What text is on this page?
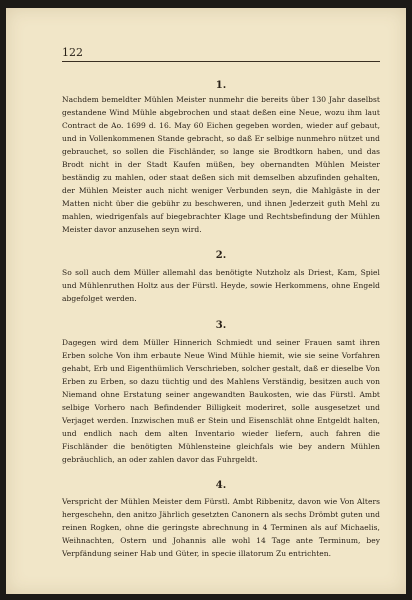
122
1.
Nachdem bemeldter Mühlen Meister nunmehr die bereits über 130 Jahr daselbst gestandene Wind Mühle abgebrochen und staat deßen eine Neue, wozu ihm laut Contract de Ao. 1699 d. 16. May 60 Eichen gegeben worden, wieder auf gebaut, und in Vollenkommenen Stande gebracht, so daß Er selbige nunmehro nützet und gebrauchet, so sollen die Fischländer, so lange sie Brodtkorn haben, und das Brodt nicht in der Stadt Kaufen müßen, bey obernandten Mühlen Meister beständig zu mahlen, oder staat deßen sich mit demselben abzufinden gehalten, der Mühlen Meister auch nicht weniger Verbunden seyn, die Mahlgäste in der Matten nicht über die gebühr zu beschweren, und ihnen Jederzeit guth Mehl zu mahlen, wiedrigenfals auf biegebrachter Klage und Rechtsbefindung der Mühlen Meister davor anzusehen seyn wird.
2.
So soll auch dem Müller allemahl das benötigte Nutzholz als Driest, Kam, Spiel und Mühlenruthen Holtz aus der Fürstl. Heyde, sowie Herkommens, ohne Engeld abgefolget werden.
3.
Dagegen wird dem Müller Hinnerich Schmiedt und seiner Frauen samt ihren Erben solche Von ihm erbaute Neue Wind Mühle hiemit, wie sie seine Vorfahren gehabt, Erb und Eigenthümlich Verschrieben, solcher gestalt, daß er dieselbe Von Erben zu Erben, so dazu tüchtig und des Mahlens Verständig, besitzen auch von Niemand ohne Erstatung seiner angewandten Baukosten, wie das Fürstl. Ambt selbige Vorhero nach Befindender Billigkeit moderiret, solle ausgesetzet und Verjaget werden. Inzwischen muß er Stein und Eisenschlät ohne Entgeldt halten, und endlich nach dem alten Inventario wieder liefern, auch fahren die Fischländer die benötigten Mühlensteine gleichfals wie bey andern Mühlen gebräuchlich, an oder zahlen davor das Fuhrgeldt.
4.
Verspricht der Mühlen Meister dem Fürstl. Ambt Ribbenitz, davon wie Von Alters hergeschehn, den anitzo Jährlich gesetzten Canonern als sechs Drömbt guten und reinen Rogken, ohne die geringste abrechnung in 4 Terminen als auf Michaelis, Weihnachten, Ostern und Johannis alle wohl 14 Tage ante Terminum, bey Verpfändung seiner Hab und Güter, in specie illatorum Zu entrichten.
